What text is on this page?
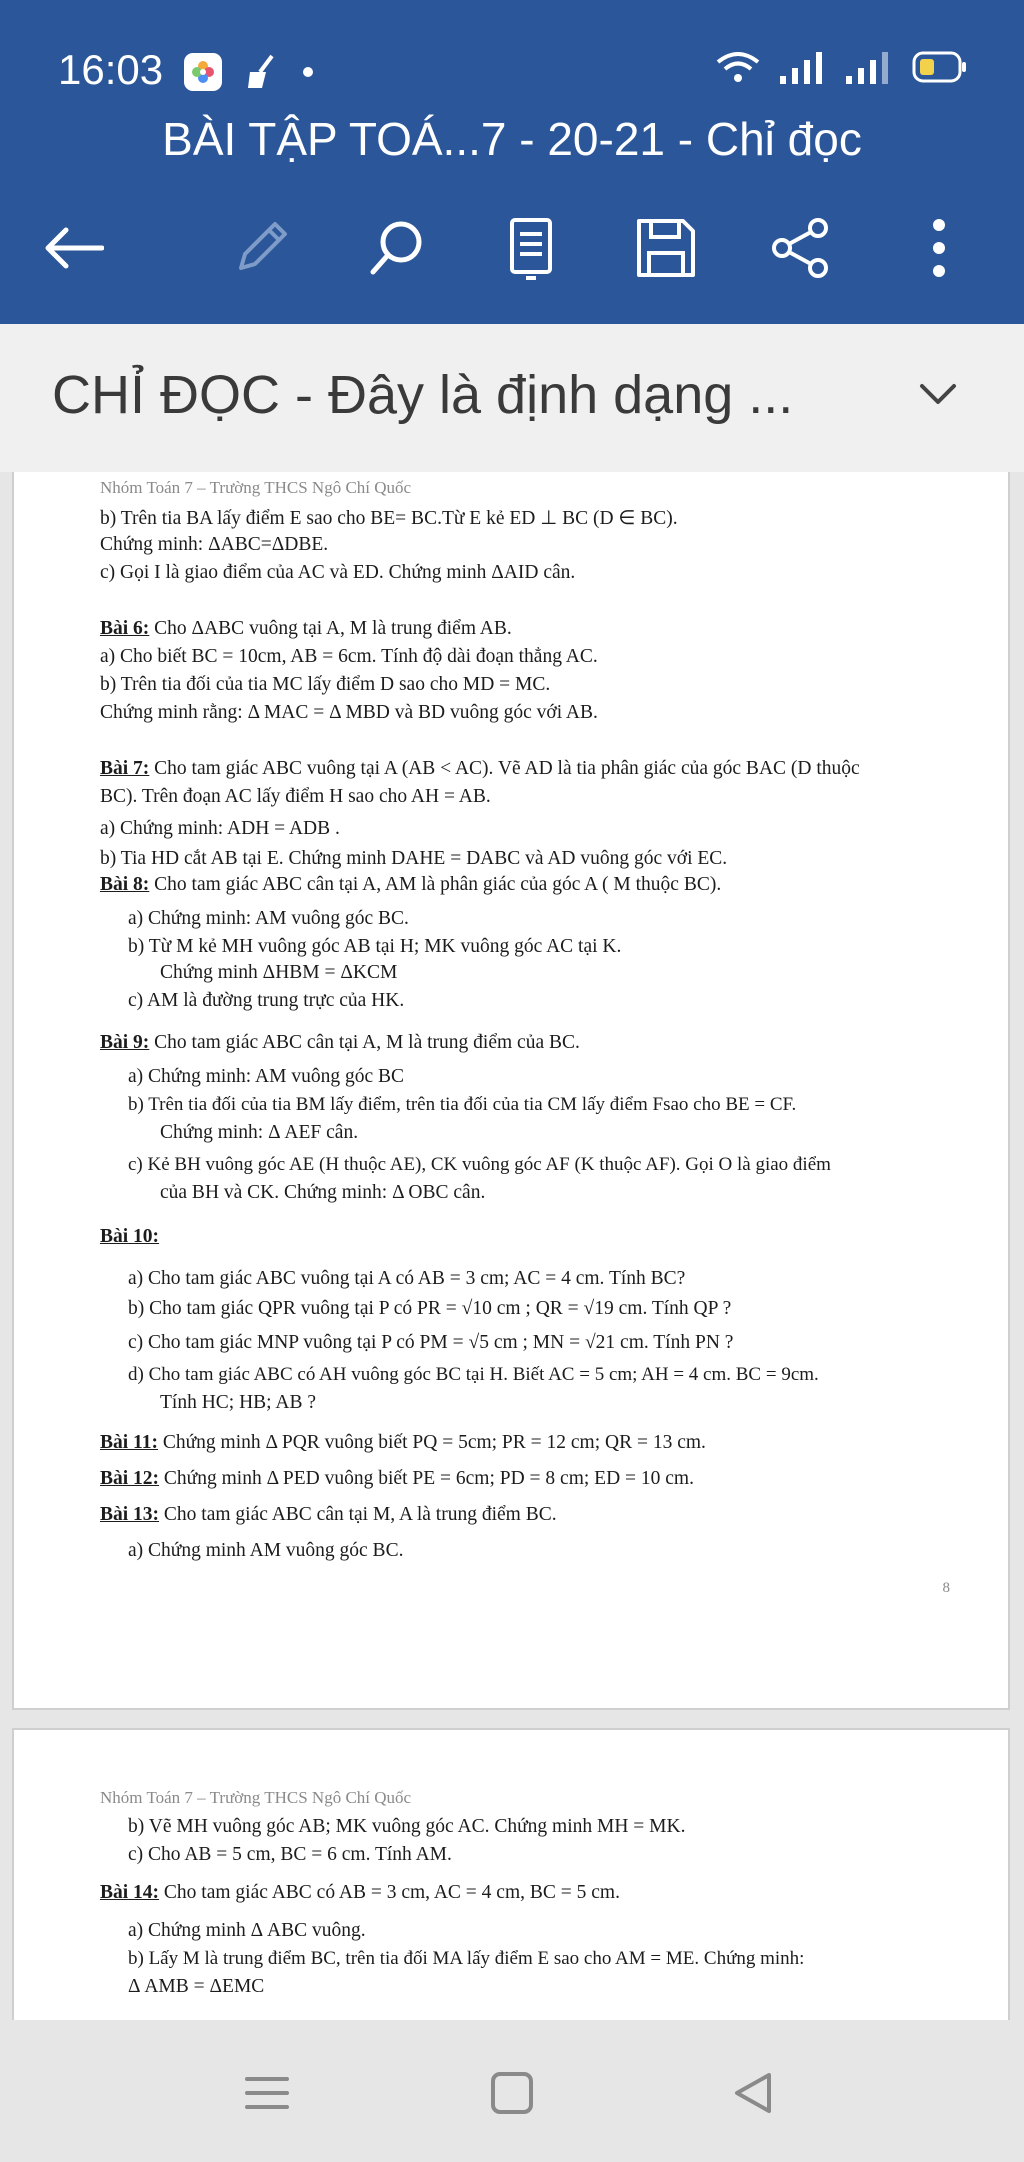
16:03
BÀI TẬP TOÁ...7 - 20-21 - Chỉ đọc
CHỈ ĐỌC - Đây là định dạng ...
Nhóm Toán 7 – Trường THCS Ngô Chí Quốc
b) Trên tia BA lấy điểm E sao cho BE= BC.Từ E kẻ ED ⊥ BC (D ∈ BC).
Chứng minh: ΔABC=ΔDBE.
c) Gọi I là giao điểm của AC và ED. Chứng minh ΔAID cân.
Bài 6: Cho ΔABC vuông tại A, M là trung điểm AB.
a) Cho biết BC = 10cm, AB = 6cm. Tính độ dài đoạn thẳng AC.
b) Trên tia đối của tia MC lấy điểm D sao cho MD = MC.
Chứng minh rằng: Δ MAC = Δ MBD và BD vuông góc với AB.
Bài 7: Cho tam giác ABC vuông tại A (AB < AC). Vẽ AD là tia phân giác của góc BAC (D thuộc
BC). Trên đoạn AC lấy điểm H sao cho AH = AB.
a) Chứng minh: ADH = ADB .
b) Tia HD cắt AB tại E. Chứng minh DAHE = DABC và AD vuông góc với EC.
Bài 8: Cho tam giác ABC cân tại A, AM là phân giác của góc A ( M thuộc BC).
a) Chứng minh: AM vuông góc BC.
b) Từ M kẻ MH vuông góc AB tại H; MK vuông góc AC tại K.
Chứng minh ΔHBM = ΔKCM
c) AM là đường trung trực của HK.
Bài 9: Cho tam giác ABC cân tại A, M là trung điểm của BC.
a) Chứng minh: AM vuông góc BC
b) Trên tia đối của tia BM lấy điểm, trên tia đối của tia CM lấy điểm Fsao cho BE = CF.
Chứng minh: Δ AEF cân.
c) Kẻ BH vuông góc AE (H thuộc AE), CK vuông góc AF (K thuộc AF). Gọi O là giao điểm
của BH và CK. Chứng minh: Δ OBC cân.
Bài 10:
a) Cho tam giác ABC vuông tại A có AB = 3 cm; AC = 4 cm. Tính BC?
b) Cho tam giác QPR vuông tại P có PR = √10 cm ; QR = √19 cm. Tính QP ?
c) Cho tam giác MNP vuông tại P có PM = √5 cm ; MN = √21 cm. Tính PN ?
d) Cho tam giác ABC có AH vuông góc BC tại H. Biết AC = 5 cm; AH = 4 cm. BC = 9cm.
Tính HC; HB; AB ?
Bài 11: Chứng minh Δ PQR vuông biết PQ = 5cm; PR = 12 cm; QR = 13 cm.
Bài 12: Chứng minh Δ PED vuông biết PE = 6cm; PD = 8 cm; ED = 10 cm.
Bài 13: Cho tam giác ABC cân tại M, A là trung điểm BC.
a) Chứng minh AM vuông góc BC.
8
Nhóm Toán 7 – Trường THCS Ngô Chí Quốc
b) Vẽ MH vuông góc AB; MK vuông góc AC. Chứng minh MH = MK.
c) Cho AB = 5 cm, BC = 6 cm. Tính AM.
Bài 14: Cho tam giác ABC có AB = 3 cm, AC = 4 cm, BC = 5 cm.
a) Chứng minh Δ ABC vuông.
b) Lấy M là trung điểm BC, trên tia đối MA lấy điểm E sao cho AM = ME. Chứng minh:
Δ AMB = ΔEMC
